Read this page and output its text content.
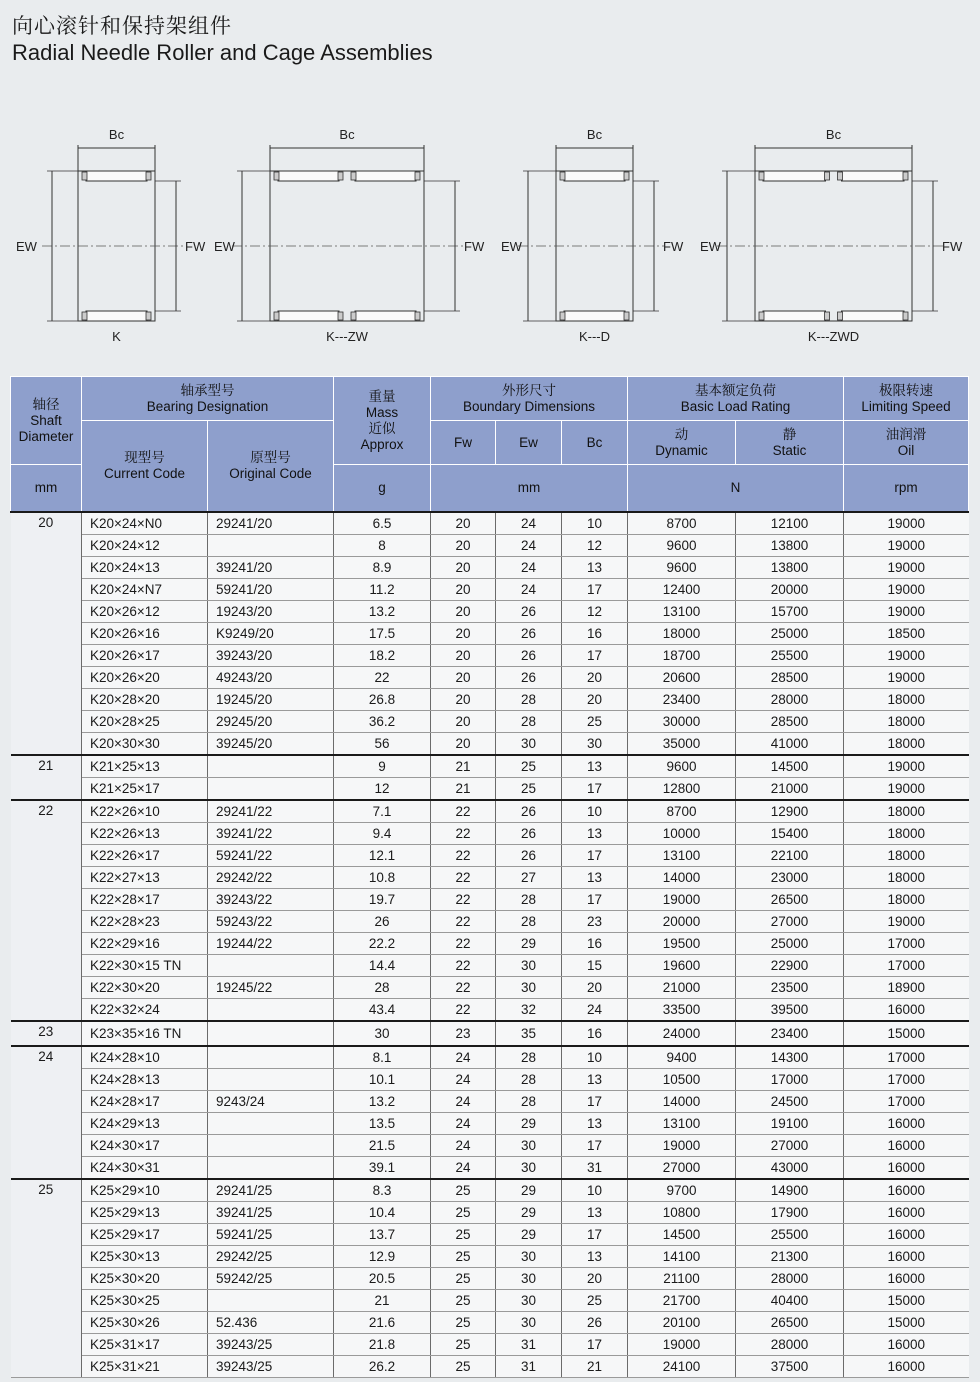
向心滚针和保持架组件
Radial Needle Roller and Cage Assemblies
Bc
EW	FW
K
Bc
EW	FW
K---ZW
Bc
EW	FW
K---D
Bc
EW	FW
K---ZWD
轴径
Shaft
Diameter	轴承型号
Bearing Designation		重量
Mass
近似
Approx	外形尺寸
Boundary Dimensions			基本额定负荷
Basic Load Rating		极限转速
Limiting Speed
	现型号
Current Code	原型号
Original Code		Fw	Ew	Bc	动
Dynamic	静
Static	油润滑
Oil
mm			g	mm			N		rpm
20	K20×24×N0	29241/20	6.5	20	24	10	8700	12100	19000
	K20×24×12		8	20	24	12	9600	13800	19000
	K20×24×13	39241/20	8.9	20	24	13	9600	13800	19000
	K20×24×N7	59241/20	11.2	20	24	17	12400	20000	19000
	K20×26×12	19243/20	13.2	20	26	12	13100	15700	19000
	K20×26×16	K9249/20	17.5	20	26	16	18000	25000	18500
	K20×26×17	39243/20	18.2	20	26	17	18700	25500	19000
	K20×26×20	49243/20	22	20	26	20	20600	28500	19000
	K20×28×20	19245/20	26.8	20	28	20	23400	28000	18000
	K20×28×25	29245/20	36.2	20	28	25	30000	28500	18000
	K20×30×30	39245/20	56	20	30	30	35000	41000	18000
21	K21×25×13		9	21	25	13	9600	14500	19000
	K21×25×17		12	21	25	17	12800	21000	19000
22	K22×26×10	29241/22	7.1	22	26	10	8700	12900	18000
	K22×26×13	39241/22	9.4	22	26	13	10000	15400	18000
	K22×26×17	59241/22	12.1	22	26	17	13100	22100	18000
	K22×27×13	29242/22	10.8	22	27	13	14000	23000	18000
	K22×28×17	39243/22	19.7	22	28	17	19000	26500	18000
	K22×28×23	59243/22	26	22	28	23	20000	27000	19000
	K22×29×16	19244/22	22.2	22	29	16	19500	25000	17000
	K22×30×15 TN		14.4	22	30	15	19600	22900	17000
	K22×30×20	19245/22	28	22	30	20	21000	23500	18900
	K22×32×24		43.4	22	32	24	33500	39500	16000
23	K23×35×16 TN		30	23	35	16	24000	23400	15000
24	K24×28×10		8.1	24	28	10	9400	14300	17000
	K24×28×13		10.1	24	28	13	10500	17000	17000
	K24×28×17	9243/24	13.2	24	28	17	14000	24500	17000
	K24×29×13		13.5	24	29	13	13100	19100	16000
	K24×30×17		21.5	24	30	17	19000	27000	16000
	K24×30×31		39.1	24	30	31	27000	43000	16000
25	K25×29×10	29241/25	8.3	25	29	10	9700	14900	16000
	K25×29×13	39241/25	10.4	25	29	13	10800	17900	16000
	K25×29×17	59241/25	13.7	25	29	17	14500	25500	16000
	K25×30×13	29242/25	12.9	25	30	13	14100	21300	16000
	K25×30×20	59242/25	20.5	25	30	20	21100	28000	16000
	K25×30×25		21	25	30	25	21700	40400	15000
	K25×30×26	52.436	21.6	25	30	26	20100	26500	15000
	K25×31×17	39243/25	21.8	25	31	17	19000	28000	16000
	K25×31×21	39243/25	26.2	25	31	21	24100	37500	16000
